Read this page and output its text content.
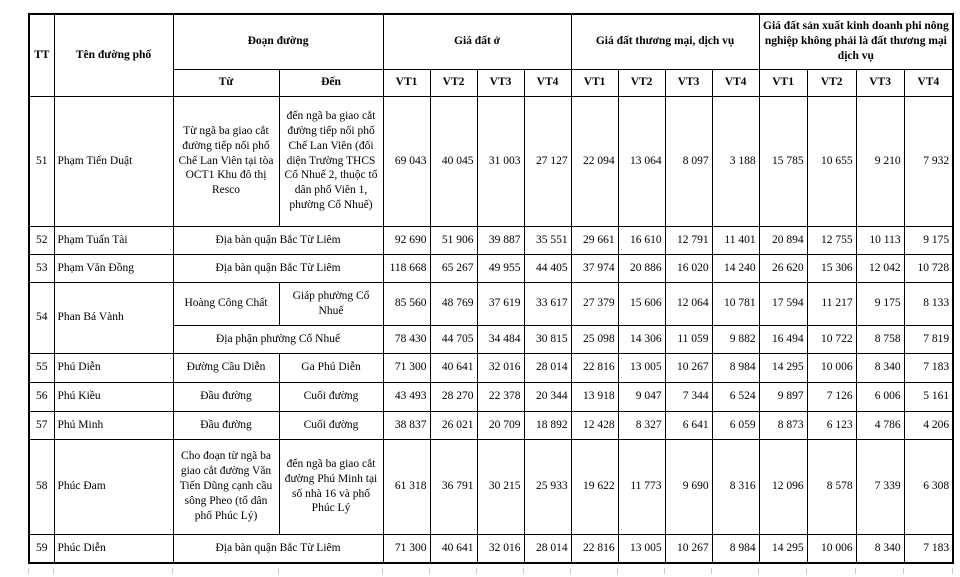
TT	Tên đường phố	Đoạn đường		Giá đất ở				Giá đất thương mại, dịch vụ				Giá đất sản xuất kinh doanh phi nông nghiệp không phải là đất thương mại dịch vụ			
		Từ	Đến	VT1	VT2	VT3	VT4	VT1	VT2	VT3	VT4	VT1	VT2	VT3	VT4
51	Phạm Tiến Duật	Từ ngã ba giao cắt đường tiếp nối phố Chế Lan Viên tại tòa OCT1 Khu đô thị Resco	đến ngã ba giao cắt đường tiếp nối phố Chế Lan Viên (đối diện Trường THCS Cổ Nhuế 2, thuộc tổ dân phố Viên 1, phường Cổ Nhuế)	69 043	40 045	31 003	27 127	22 094	13 064	8 097	3 188	15 785	10 655	9 210	7 932
52	Phạm Tuấn Tài	Địa bàn quận Bắc Từ Liêm		92 690	51 906	39 887	35 551	29 661	16 610	12 791	11 401	20 894	12 755	10 113	9 175
53	Phạm Văn Đồng	Địa bàn quận Bắc Từ Liêm		118 668	65 267	49 955	44 405	37 974	20 886	16 020	14 240	26 620	15 306	12 042	10 728
54	Phan Bá Vành	Hoàng Công Chất	Giáp phường Cổ Nhuế	85 560	48 769	37 619	33 617	27 379	15 606	12 064	10 781	17 594	11 217	9 175	8 133
		Địa phận phường Cổ Nhuế		78 430	44 705	34 484	30 815	25 098	14 306	11 059	9 882	16 494	10 722	8 758	7 819
55	Phú Diễn	Đường Cầu Diễn	Ga Phú Diễn	71 300	40 641	32 016	28 014	22 816	13 005	10 267	8 984	14 295	10 006	8 340	7 183
56	Phú Kiều	Đầu đường	Cuối đường	43 493	28 270	22 378	20 344	13 918	9 047	7 344	6 524	9 897	7 126	6 006	5 161
57	Phú Minh	Đầu đường	Cuối đường	38 837	26 021	20 709	18 892	12 428	8 327	6 641	6 059	8 873	6 123	4 786	4 206
58	Phúc Đam	Cho đoạn từ ngã ba giao cắt đường Văn Tiến Dũng cạnh cầu sông Pheo (tổ dân phố Phúc Lý)	đến ngã ba giao cắt đường Phú Minh tại số nhà 16 và phố Phúc Lý	61 318	36 791	30 215	25 933	19 622	11 773	9 690	8 316	12 096	8 578	7 339	6 308
59	Phúc Diễn	Địa bàn quận Bắc Từ Liêm		71 300	40 641	32 016	28 014	22 816	13 005	10 267	8 984	14 295	10 006	8 340	7 183
